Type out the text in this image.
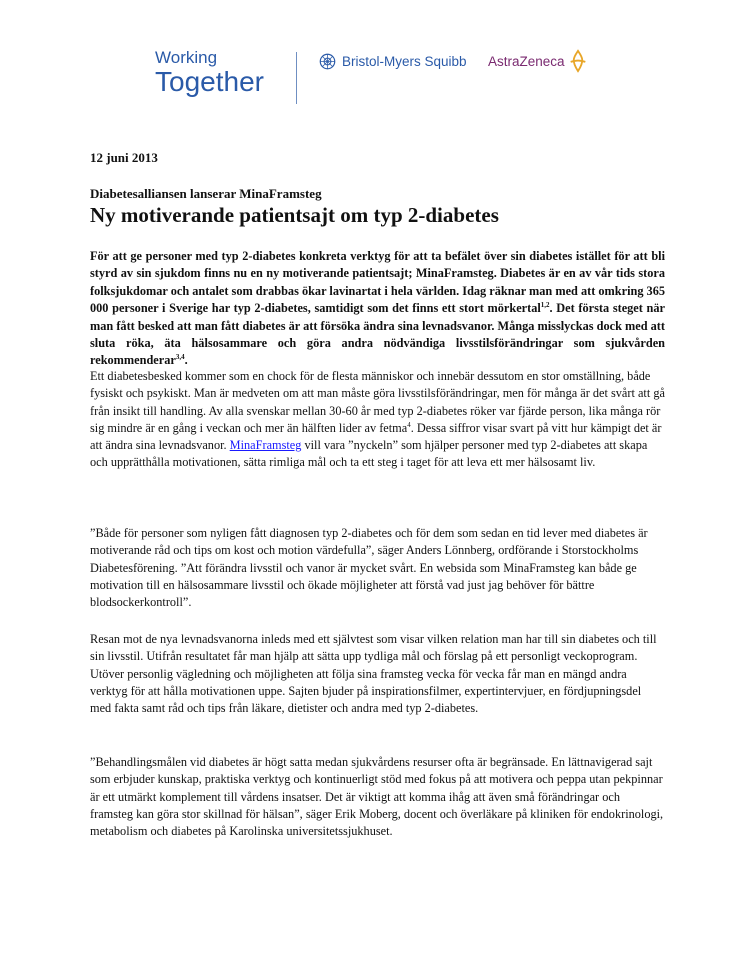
Working
Together
Bristol-Myers Squibb AstraZeneca
12 juni 2013
Diabetesalliansen lanserar MinaFramsteg
Ny motiverande patientsajt om typ 2-diabetes
För att ge personer med typ 2-diabetes konkreta verktyg för att ta befälet över sin diabetes istället för att bli styrd av sin sjukdom finns nu en ny motiverande patientsajt; MinaFramsteg. Diabetes är en av vår tids stora folksjukdomar och antalet som drabbas ökar lavinartat i hela världen. Idag räknar man med att omkring 365 000 personer i Sverige har typ 2-diabetes, samtidigt som det finns ett stort mörkertal$^{1,2}$. Det första steget när man fått besked att man fått diabetes är att försöka ändra sina levnadsvanor. Många misslyckas dock med att sluta röka, äta hälsosammare och göra andra nödvändiga livsstilsförändringar som sjukvården rekommenderar$^{3,4}$.
Ett diabetesbesked kommer som en chock för de flesta människor och innebär dessutom en stor omställning, både fysiskt och psykiskt. Man är medveten om att man måste göra livsstilsförändringar, men för många är det svårt att gå från insikt till handling. Av alla svenskar mellan 30-60 år med typ 2-diabetes röker var fjärde person, lika många rör sig mindre är en gång i veckan och mer än hälften lider av fetma$^4$. Dessa siffror visar svart på vitt hur kämpigt det är att ändra sina levnadsvanor. MinaFramsteg vill vara ”nyckeln” som hjälper personer med typ 2-diabetes att skapa och upprätthålla motivationen, sätta rimliga mål och ta ett steg i taget för att leva ett mer hälsosamt liv.
”Både för personer som nyligen fått diagnosen typ 2-diabetes och för dem som sedan en tid lever med diabetes är motiverande råd och tips om kost och motion värdefulla”, säger Anders Lönnberg, ordförande i Storstockholms Diabetesförening. ”Att förändra livsstil och vanor är mycket svårt. En websida som MinaFramsteg kan både ge motivation till en hälsosammare livsstil och ökade möjligheter att förstå vad just jag behöver för bättre blodsockerkontroll”.
Resan mot de nya levnadsvanorna inleds med ett självtest som visar vilken relation man har till sin diabetes och till sin livsstil. Utifrån resultatet får man hjälp att sätta upp tydliga mål och förslag på ett personligt veckoprogram. Utöver personlig vägledning och möjligheten att följa sina framsteg vecka för vecka får man en mängd andra verktyg för att hålla motivationen uppe. Sajten bjuder på inspirationsfilmer, expertintervjuer, en fördjupningsdel med fakta samt råd och tips från läkare, dietister och andra med typ 2-diabetes.
”Behandlingsmålen vid diabetes är högt satta medan sjukvårdens resurser ofta är begränsade. En lättnavigerad sajt som erbjuder kunskap, praktiska verktyg och kontinuerligt stöd med fokus på att motivera och peppa utan pekpinnar är ett utmärkt komplement till vårdens insatser. Det är viktigt att komma ihåg att även små förändringar och framsteg kan göra stor skillnad för hälsan”, säger Erik Moberg, docent och överläkare på kliniken för endokrinologi, metabolism och diabetes på Karolinska universitetssjukhuset.
